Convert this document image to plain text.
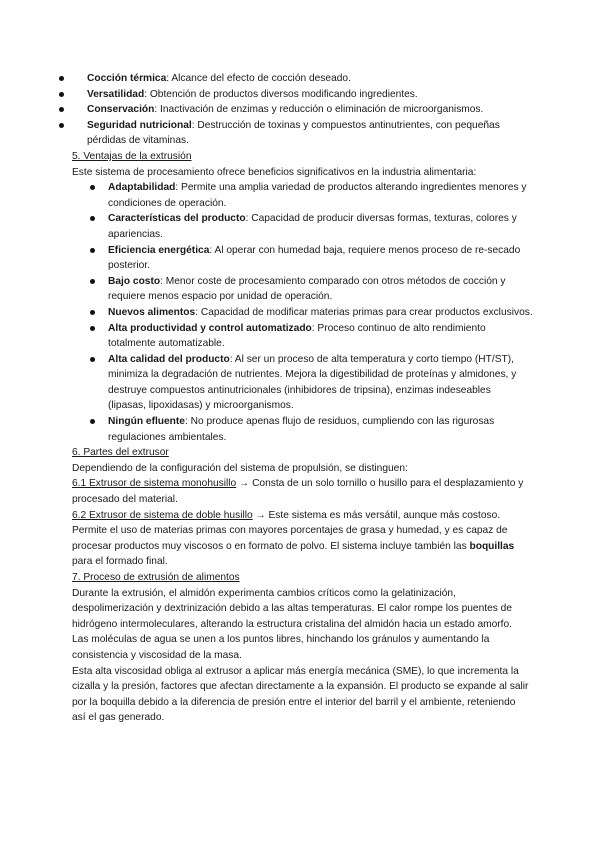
Cocción térmica: Alcance del efecto de cocción deseado.
Versatilidad: Obtención de productos diversos modificando ingredientes.
Conservación: Inactivación de enzimas y reducción o eliminación de microorganismos.
Seguridad nutricional: Destrucción de toxinas y compuestos antinutrientes, con pequeñas
pérdidas de vitaminas.
5. Ventajas de la extrusión
Este sistema de procesamiento ofrece beneficios significativos en la industria alimentaria:
Adaptabilidad: Permite una amplia variedad de productos alterando ingredientes menores y
condiciones de operación.
Características del producto: Capacidad de producir diversas formas, texturas, colores y
apariencias.
Eficiencia energética: Al operar con humedad baja, requiere menos proceso de re-secado
posterior.
Bajo costo: Menor coste de procesamiento comparado con otros métodos de cocción y
requiere menos espacio por unidad de operación.
Nuevos alimentos: Capacidad de modificar materias primas para crear productos exclusivos.
Alta productividad y control automatizado: Proceso continuo de alto rendimiento
totalmente automatizable.
Alta calidad del producto: Al ser un proceso de alta temperatura y corto tiempo (HT/ST),
minimiza la degradación de nutrientes. Mejora la digestibilidad de proteínas y almidones, y
destruye compuestos antinutricionales (inhibidores de tripsina), enzimas indeseables
(lipasas, lipoxidasas) y microorganismos.
Ningún efluente: No produce apenas flujo de residuos, cumpliendo con las rigurosas
regulaciones ambientales.
6. Partes del extrusor
Dependiendo de la configuración del sistema de propulsión, se distinguen:
6.1 Extrusor de sistema monohusillo → Consta de un solo tornillo o husillo para el desplazamiento y
procesado del material.
6.2 Extrusor de sistema de doble husillo → Este sistema es más versátil, aunque más costoso.
Permite el uso de materias primas con mayores porcentajes de grasa y humedad, y es capaz de
procesar productos muy viscosos o en formato de polvo. El sistema incluye también las boquillas
para el formado final.
7. Proceso de extrusión de alimentos
Durante la extrusión, el almidón experimenta cambios críticos como la gelatinización,
despolimerización y dextrinización debido a las altas temperaturas. El calor rompe los puentes de
hidrógeno intermoleculares, alterando la estructura cristalina del almidón hacia un estado amorfo.
Las moléculas de agua se unen a los puntos libres, hinchando los gránulos y aumentando la
consistencia y viscosidad de la masa.
Esta alta viscosidad obliga al extrusor a aplicar más energía mecánica (SME), lo que incrementa la
cizalla y la presión, factores que afectan directamente a la expansión. El producto se expande al salir
por la boquilla debido a la diferencia de presión entre el interior del barril y el ambiente, reteniendo
así el gas generado.
